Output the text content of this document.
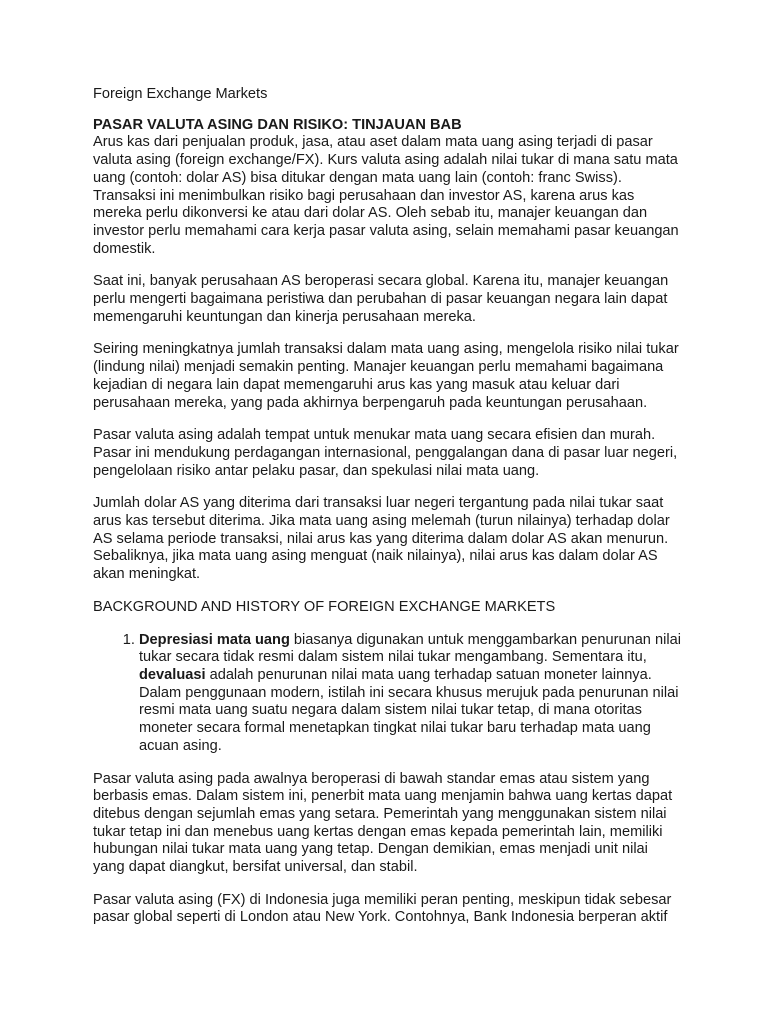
Foreign Exchange Markets

PASAR VALUTA ASING DAN RISIKO: TINJAUAN BAB
Arus kas dari penjualan produk, jasa, atau aset dalam mata uang asing terjadi di pasar valuta asing (foreign exchange/FX). Kurs valuta asing adalah nilai tukar di mana satu mata uang (contoh: dolar AS) bisa ditukar dengan mata uang lain (contoh: franc Swiss). Transaksi ini menimbulkan risiko bagi perusahaan dan investor AS, karena arus kas mereka perlu dikonversi ke atau dari dolar AS. Oleh sebab itu, manajer keuangan dan investor perlu memahami cara kerja pasar valuta asing, selain memahami pasar keuangan domestik.

Saat ini, banyak perusahaan AS beroperasi secara global. Karena itu, manajer keuangan perlu mengerti bagaimana peristiwa dan perubahan di pasar keuangan negara lain dapat memengaruhi keuntungan dan kinerja perusahaan mereka.

Seiring meningkatnya jumlah transaksi dalam mata uang asing, mengelola risiko nilai tukar (lindung nilai) menjadi semakin penting. Manajer keuangan perlu memahami bagaimana kejadian di negara lain dapat memengaruhi arus kas yang masuk atau keluar dari perusahaan mereka, yang pada akhirnya berpengaruh pada keuntungan perusahaan.

Pasar valuta asing adalah tempat untuk menukar mata uang secara efisien dan murah. Pasar ini mendukung perdagangan internasional, penggalangan dana di pasar luar negeri, pengelolaan risiko antar pelaku pasar, dan spekulasi nilai mata uang.

Jumlah dolar AS yang diterima dari transaksi luar negeri tergantung pada nilai tukar saat arus kas tersebut diterima. Jika mata uang asing melemah (turun nilainya) terhadap dolar AS selama periode transaksi, nilai arus kas yang diterima dalam dolar AS akan menurun. Sebaliknya, jika mata uang asing menguat (naik nilainya), nilai arus kas dalam dolar AS akan meningkat.

BACKGROUND AND HISTORY OF FOREIGN EXCHANGE MARKETS

1. Depresiasi mata uang biasanya digunakan untuk menggambarkan penurunan nilai tukar secara tidak resmi dalam sistem nilai tukar mengambang. Sementara itu, devaluasi adalah penurunan nilai mata uang terhadap satuan moneter lainnya. Dalam penggunaan modern, istilah ini secara khusus merujuk pada penurunan nilai resmi mata uang suatu negara dalam sistem nilai tukar tetap, di mana otoritas moneter secara formal menetapkan tingkat nilai tukar baru terhadap mata uang acuan asing.

Pasar valuta asing pada awalnya beroperasi di bawah standar emas atau sistem yang berbasis emas. Dalam sistem ini, penerbit mata uang menjamin bahwa uang kertas dapat ditebus dengan sejumlah emas yang setara. Pemerintah yang menggunakan sistem nilai tukar tetap ini dan menebus uang kertas dengan emas kepada pemerintah lain, memiliki hubungan nilai tukar mata uang yang tetap. Dengan demikian, emas menjadi unit nilai yang dapat diangkut, bersifat universal, dan stabil.

Pasar valuta asing (FX) di Indonesia juga memiliki peran penting, meskipun tidak sebesar pasar global seperti di London atau New York. Contohnya, Bank Indonesia berperan aktif
